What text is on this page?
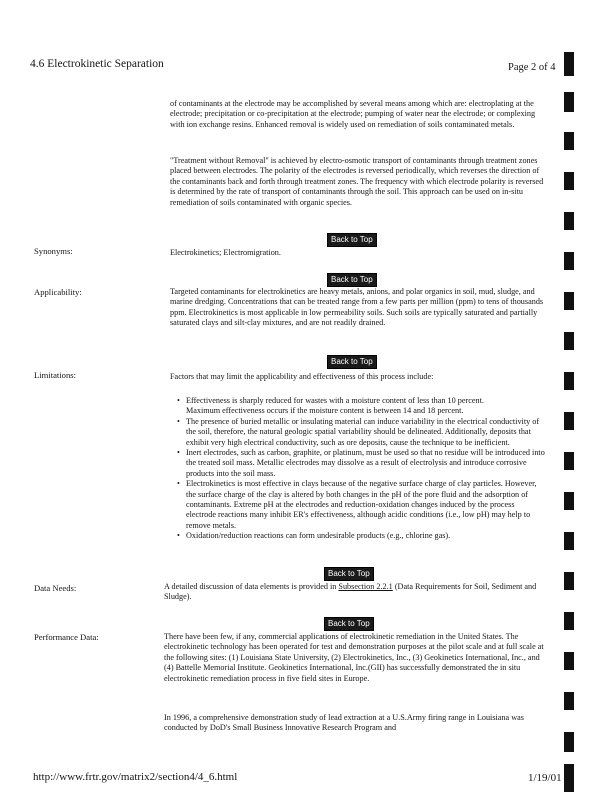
4.6 Electrokinetic Separation	Page 2 of 4
of contaminants at the electrode may be accomplished by several means among which are: electroplating at the electrode; precipitation or co-precipitation at the electrode; pumping of water near the electrode; or complexing with ion exchange resins. Enhanced removal is widely used on remediation of soils contaminated metals.
"Treatment without Removal" is achieved by electro-osmotic transport of contaminants through treatment zones placed between electrodes. The polarity of the electrodes is reversed periodically, which reverses the direction of the contaminants back and forth through treatment zones. The frequency with which electrode polarity is reversed is determined by the rate of transport of contaminants through the soil. This approach can be used on in-situ remediation of soils contaminated with organic species.
Back to Top
Synonyms:	Electrokinetics; Electromigration.
Back to Top
Applicability:	Targeted contaminants for electrokinetics are heavy metals, anions, and polar organics in soil, mud, sludge, and marine dredging. Concentrations that can be treated range from a few parts per million (ppm) to tens of thousands ppm. Electrokinetics is most applicable in low permeability soils. Such soils are typically saturated and partially saturated clays and silt-clay mixtures, and are not readily drained.
Back to Top
Limitations:	Factors that may limit the applicability and effectiveness of this process include:
• Effectiveness is sharply reduced for wastes with a moisture content of less than 10 percent.
Maximum effectiveness occurs if the moisture content is between 14 and 18 percent.
• The presence of buried metallic or insulating material can induce variability in the electrical conductivity of the soil, therefore, the natural geologic spatial variability should be delineated. Additionally, deposits that exhibit very high electrical conductivity, such as ore deposits, cause the technique to be inefficient.
• Inert electrodes, such as carbon, graphite, or platinum, must be used so that no residue will be introduced into the treated soil mass. Metallic electrodes may dissolve as a result of electrolysis and introduce corrosive products into the soil mass.
• Electrokinetics is most effective in clays because of the negative surface charge of clay particles. However, the surface charge of the clay is altered by both changes in the pH of the pore fluid and the adsorption of contaminants. Extreme pH at the electrodes and reduction-oxidation changes induced by the process electrode reactions many inhibit ER's effectiveness, although acidic conditions (i.e., low pH) may help to remove metals.
• Oxidation/reduction reactions can form undesirable products (e.g., chlorine gas).
Back to Top
Data Needs:	A detailed discussion of data elements is provided in Subsection 2.2.1 (Data Requirements for Soil, Sediment and Sludge).
Back to Top
Performance Data:	There have been few, if any, commercial applications of electrokinetic remediation in the United States. The electrokinetic technology has been operated for test and demonstration purposes at the pilot scale and at full scale at the following sites: (1) Louisiana State University, (2) Electrokinetics, Inc., (3) Geokinetics International, Inc., and (4) Battelle Memorial Institute. Geokinetics International, Inc.(GII) has successfully demonstrated the in situ electrokinetic remediation process in five field sites in Europe.
In 1996, a comprehensive demonstration study of lead extraction at a U.S.Army firing range in Louisiana was conducted by DoD's Small Business Innovative Research Program and
http://www.frtr.gov/matrix2/section4/4_6.html	1/19/01
